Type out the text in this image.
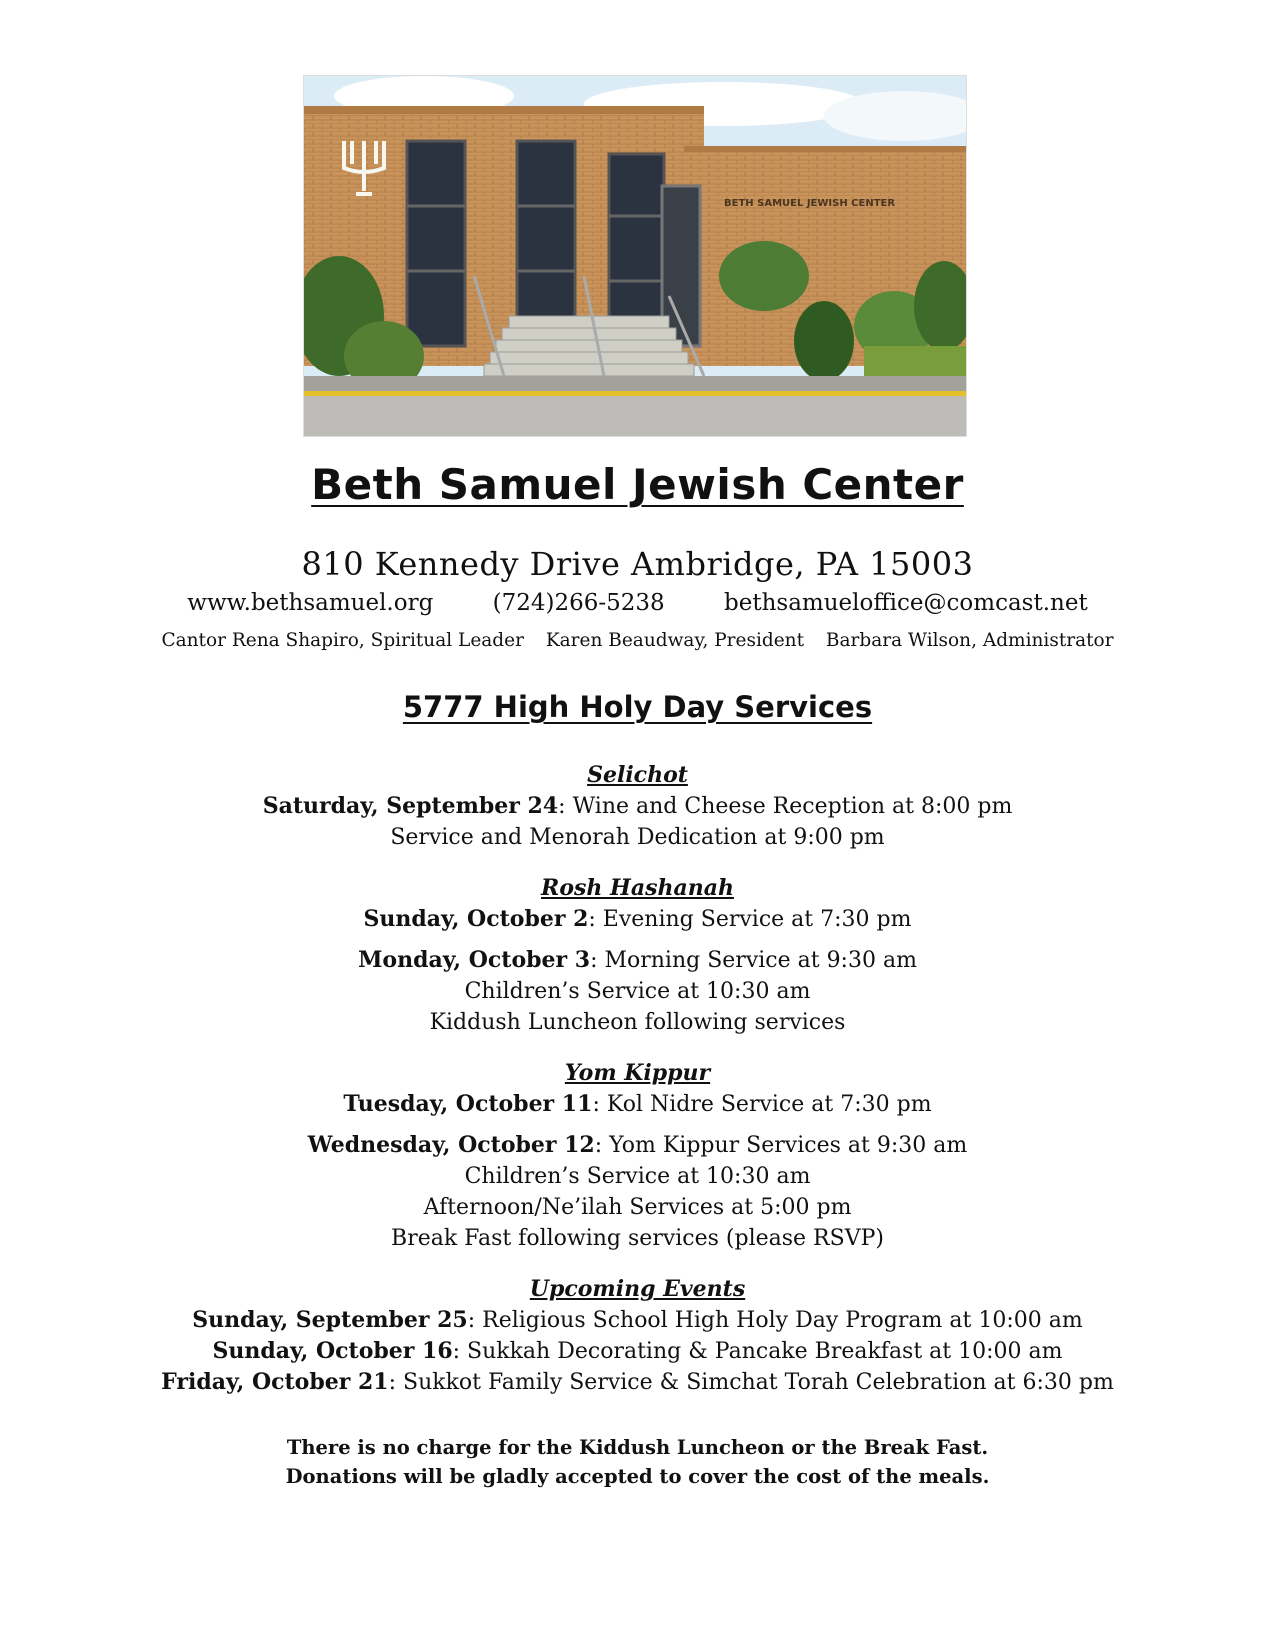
BETH SAMUEL JEWISH CENTER
Beth Samuel Jewish Center
810 Kennedy Drive Ambridge, PA 15003
www.bethsamuel.org	(724)266-5238	bethsamueloffice@comcast.net
Cantor Rena Shapiro, Spiritual Leader Karen Beaudway, President Barbara Wilson, Administrator
5777 High Holy Day Services
Selichot
Saturday, September 24: Wine and Cheese Reception at 8:00 pm
Service and Menorah Dedication at 9:00 pm
Rosh Hashanah
Sunday, October 2: Evening Service at 7:30 pm
Monday, October 3: Morning Service at 9:30 am
Children’s Service at 10:30 am
Kiddush Luncheon following services
Yom Kippur
Tuesday, October 11: Kol Nidre Service at 7:30 pm
Wednesday, October 12: Yom Kippur Services at 9:30 am
Children’s Service at 10:30 am
Afternoon/Ne’ilah Services at 5:00 pm
Break Fast following services (please RSVP)
Upcoming Events
Sunday, September 25: Religious School High Holy Day Program at 10:00 am
Sunday, October 16: Sukkah Decorating & Pancake Breakfast at 10:00 am
Friday, October 21: Sukkot Family Service & Simchat Torah Celebration at 6:30 pm
There is no charge for the Kiddush Luncheon or the Break Fast.
Donations will be gladly accepted to cover the cost of the meals.
